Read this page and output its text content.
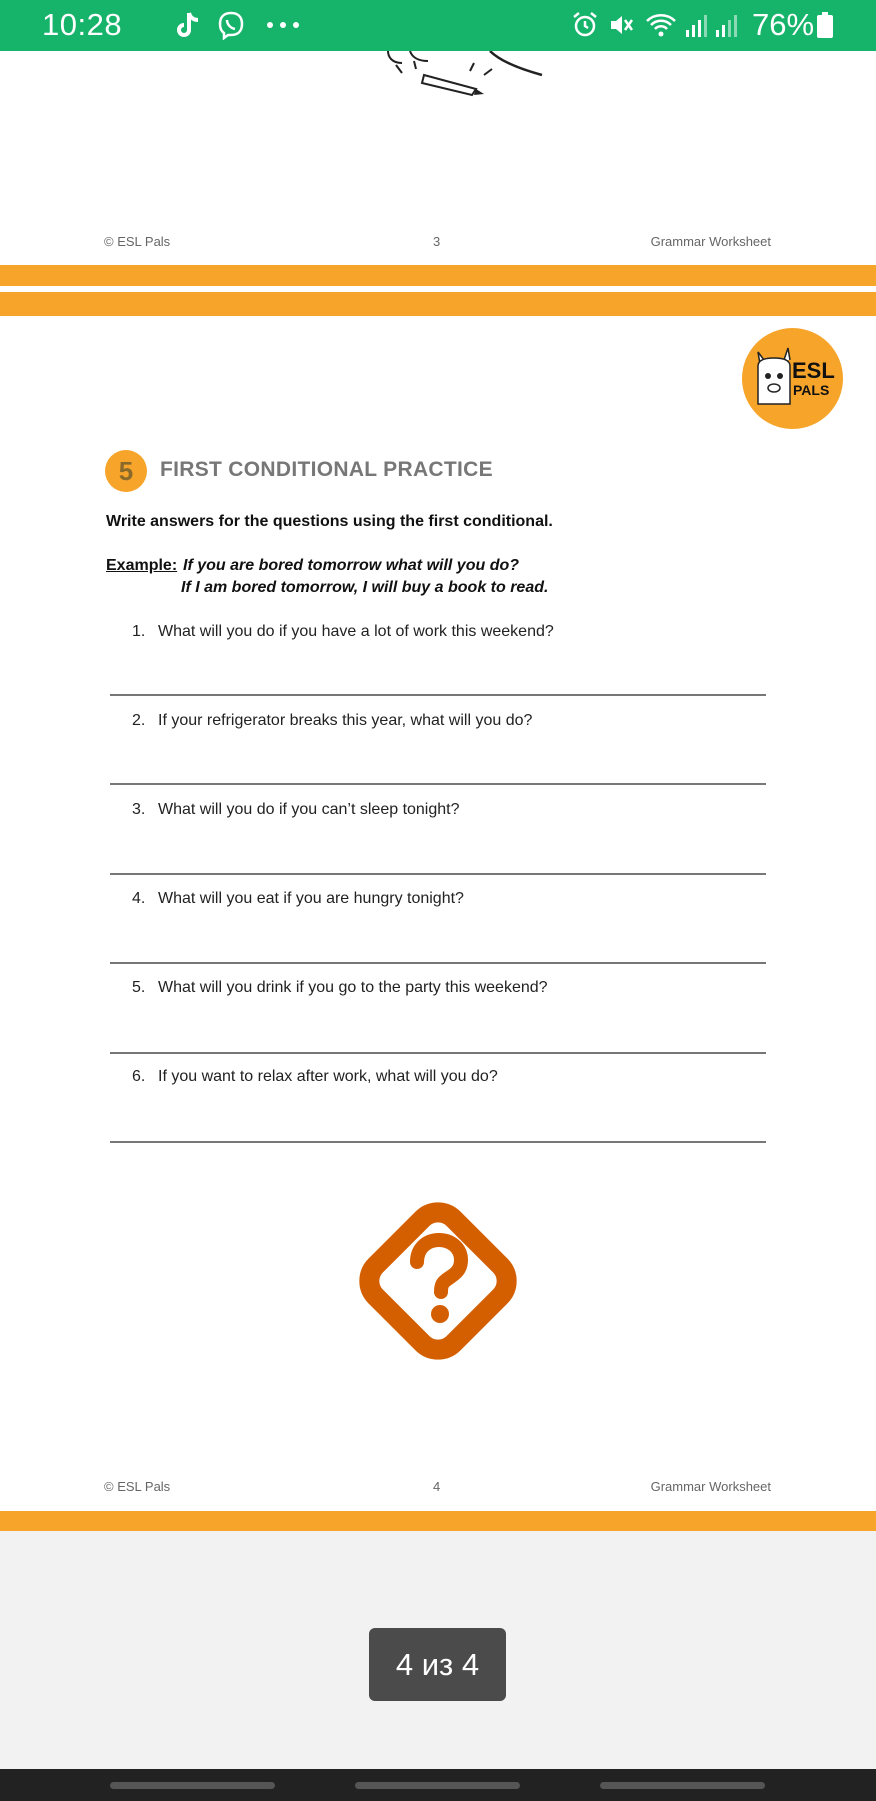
10:28	76%
© ESL Pals	3	Grammar Worksheet
ESL
PALS
5	FIRST CONDITIONAL PRACTICE
Write answers for the questions using the first conditional.
Example: If you are bored tomorrow what will you do?
If I am bored tomorrow, I will buy a book to read.
1. What will you do if you have a lot of work this weekend?
2. If your refrigerator breaks this year, what will you do?
3. What will you do if you can’t sleep tonight?
4. What will you eat if you are hungry tonight?
5. What will you drink if you go to the party this weekend?
6. If you want to relax after work, what will you do?
© ESL Pals	4	Grammar Worksheet
4 из 4
